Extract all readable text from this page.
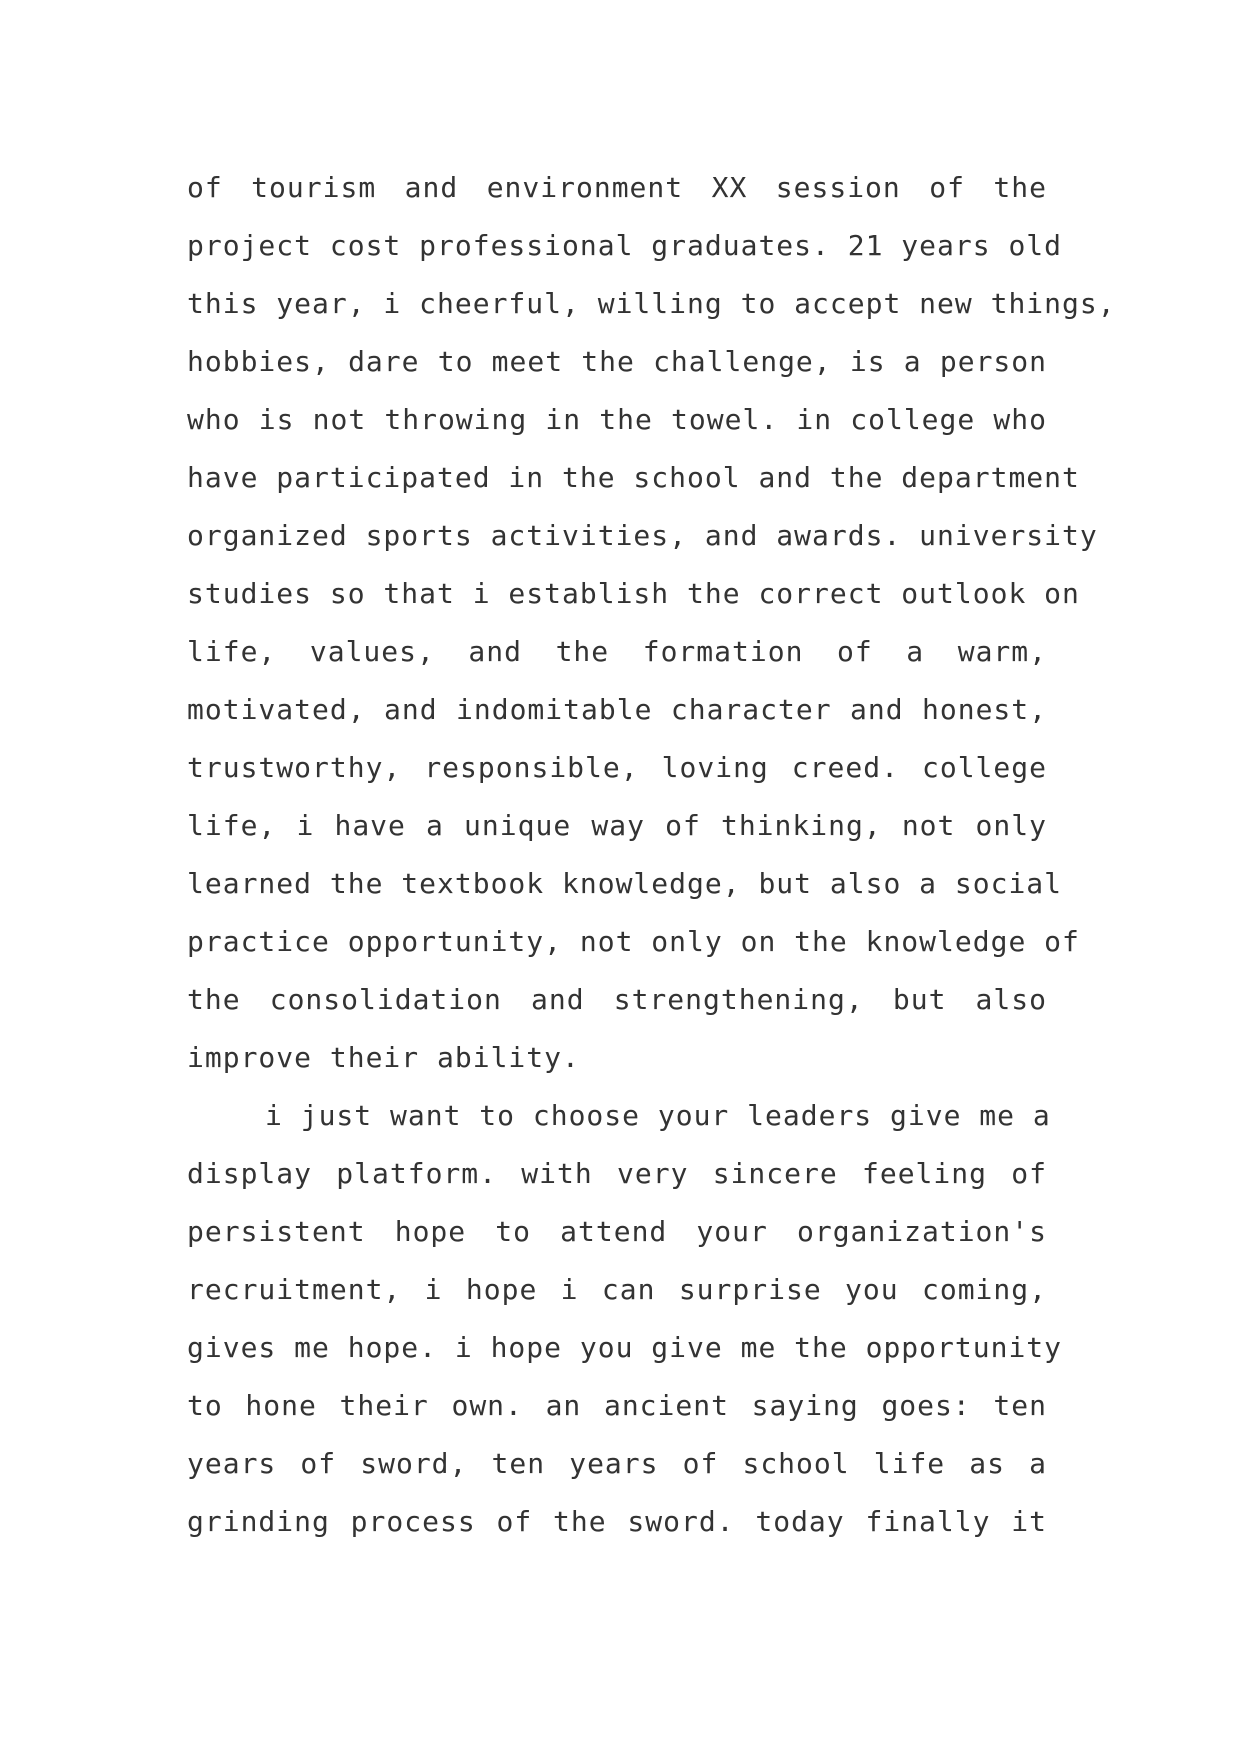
of tourism and environment XX session of the
project cost professional graduates. 21 years old
this year, i cheerful, willing to accept new things,
hobbies, dare to meet the challenge, is a person
who is not throwing in the towel. in college who
have participated in the school and the department
organized sports activities, and awards. university
studies so that i establish the correct outlook on
life, values, and the formation of a warm,
motivated, and indomitable character and honest,
trustworthy, responsible, loving creed. college
life, i have a unique way of thinking, not only
learned the textbook knowledge, but also a social
practice opportunity, not only on the knowledge of
the consolidation and strengthening, but also
improve their ability.
i just want to choose your leaders give me a
display platform. with very sincere feeling of
persistent hope to attend your organization's
recruitment, i hope i can surprise you coming,
gives me hope. i hope you give me the opportunity
to hone their own. an ancient saying goes: ten
years of sword, ten years of school life as a
grinding process of the sword. today finally it
